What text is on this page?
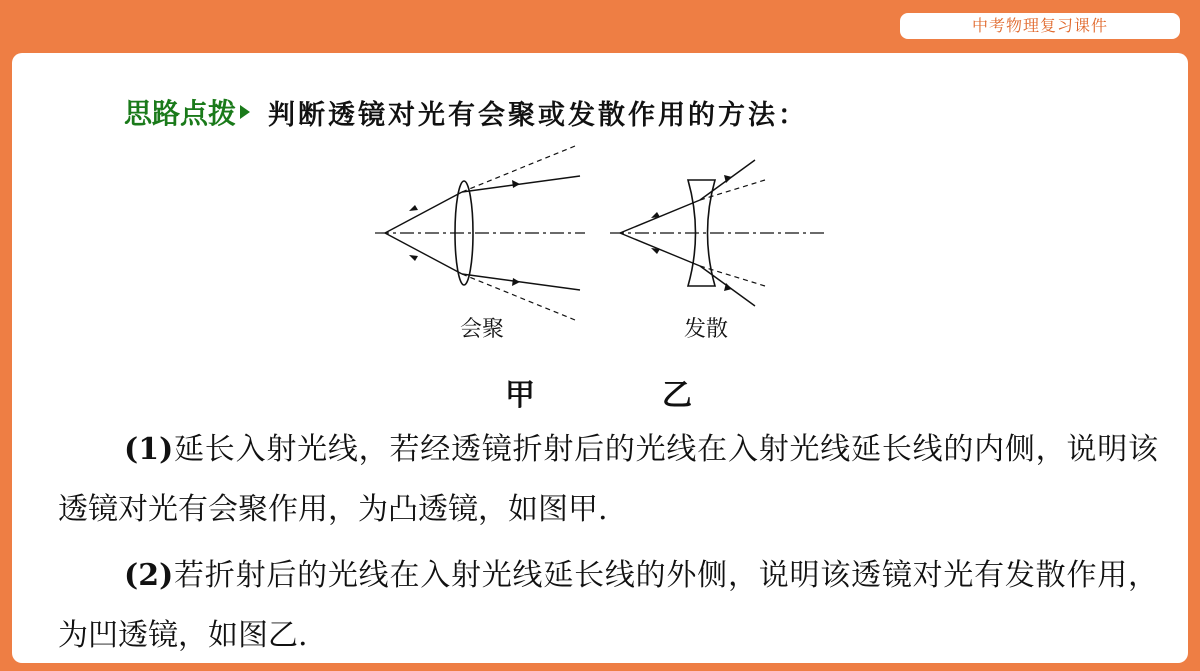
中考物理复习课件
思路点拨 判断透镜对光有会聚或发散作用的方法：
会聚	发散
甲	乙
(1)延长入射光线，若经透镜折射后的光线在入射光线延长线的内侧，说明该透镜对光有会聚作用，为凸透镜，如图甲.
(2)若折射后的光线在入射光线延长线的外侧，说明该透镜对光有发散作用，为凹透镜，如图乙.
